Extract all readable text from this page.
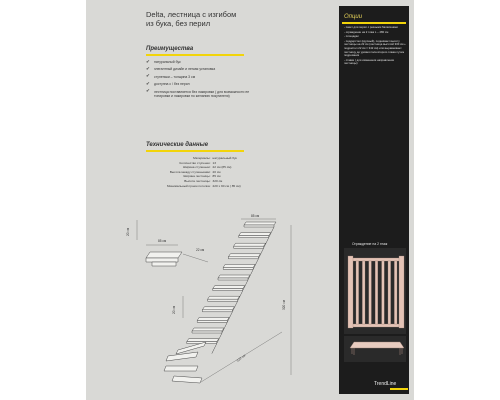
Delta, лестница с изгибом
из бука, без перил
Преимущества
✔ натуральный бук
✔ элегантный дизайн и легкая установка
✔ ступеньки – толщина 3 см
✔ доступна с / без перил
✔ лестница поставляется без лакировки ( для возможности ее тонировки и лакировки по желанию покупателя)
Технические данные
Материалы:	натуральный бук
Количество ступенек:	13
Ширина ступеньки:	22 см (85 см)
Высота между ступеньками:	20 см
Ширина лестницы:	85 см
Высота лестницы:	320 см
Минимальный проем потолка:	220 x 90 см ( 85 см)
85 см
85 см
22 см
20 см
20 см	320 см
322 см
Опции
- пакет для перил с резными балясинами
- ограждение на 2 этаж L – 280 см
- площадки
- поддерстел (крупный), поднимает высоту лестницы на 22 см (лестница высотой 330 см + подрастел 22 см = 342 см) или выравнивает лестницу до уровня пола второго этажа путем подрезания
- ставки ( для изменения направления лестницы)
Ограждение на 2 этаж
TrendLine
